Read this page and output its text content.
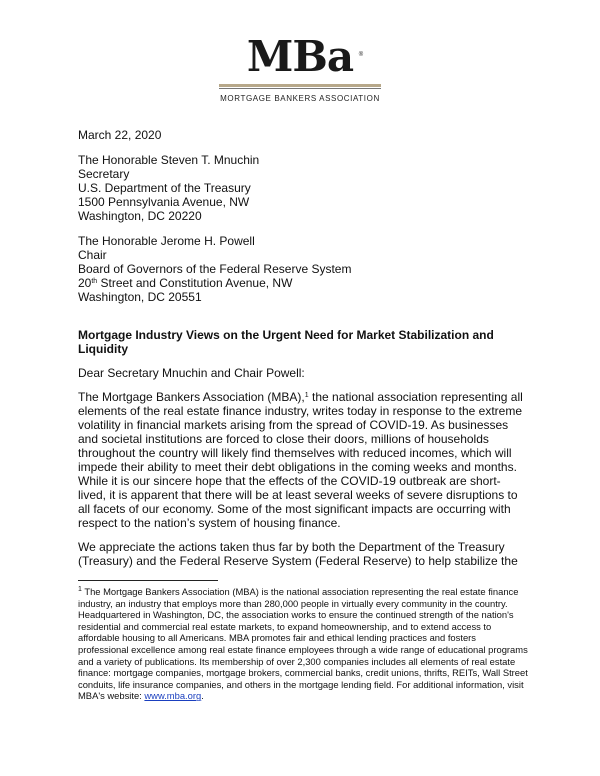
MBa ®
MORTGAGE BANKERS ASSOCIATION
March 22, 2020
The Honorable Steven T. Mnuchin
Secretary
U.S. Department of the Treasury
1500 Pennsylvania Avenue, NW
Washington, DC 20220
The Honorable Jerome H. Powell
Chair
Board of Governors of the Federal Reserve System
20th Street and Constitution Avenue, NW
Washington, DC 20551
Mortgage Industry Views on the Urgent Need for Market Stabilization and Liquidity
Dear Secretary Mnuchin and Chair Powell:
The Mortgage Bankers Association (MBA),$^1$ the national association representing all elements of the real estate finance industry, writes today in response to the extreme volatility in financial markets arising from the spread of COVID-19. As businesses and societal institutions are forced to close their doors, millions of households throughout the country will likely find themselves with reduced incomes, which will impede their ability to meet their debt obligations in the coming weeks and months. While it is our sincere hope that the effects of the COVID-19 outbreak are short-lived, it is apparent that there will be at least several weeks of severe disruptions to all facets of our economy. Some of the most significant impacts are occurring with respect to the nation’s system of housing finance.
We appreciate the actions taken thus far by both the Department of the Treasury (Treasury) and the Federal Reserve System (Federal Reserve) to help stabilize the
$^1$ The Mortgage Bankers Association (MBA) is the national association representing the real estate finance industry, an industry that employs more than 280,000 people in virtually every community in the country. Headquartered in Washington, DC, the association works to ensure the continued strength of the nation's residential and commercial real estate markets, to expand homeownership, and to extend access to affordable housing to all Americans. MBA promotes fair and ethical lending practices and fosters professional excellence among real estate finance employees through a wide range of educational programs and a variety of publications. Its membership of over 2,300 companies includes all elements of real estate finance: mortgage companies, mortgage brokers, commercial banks, credit unions, thrifts, REITs, Wall Street conduits, life insurance companies, and others in the mortgage lending field. For additional information, visit MBA's website: www.mba.org.
